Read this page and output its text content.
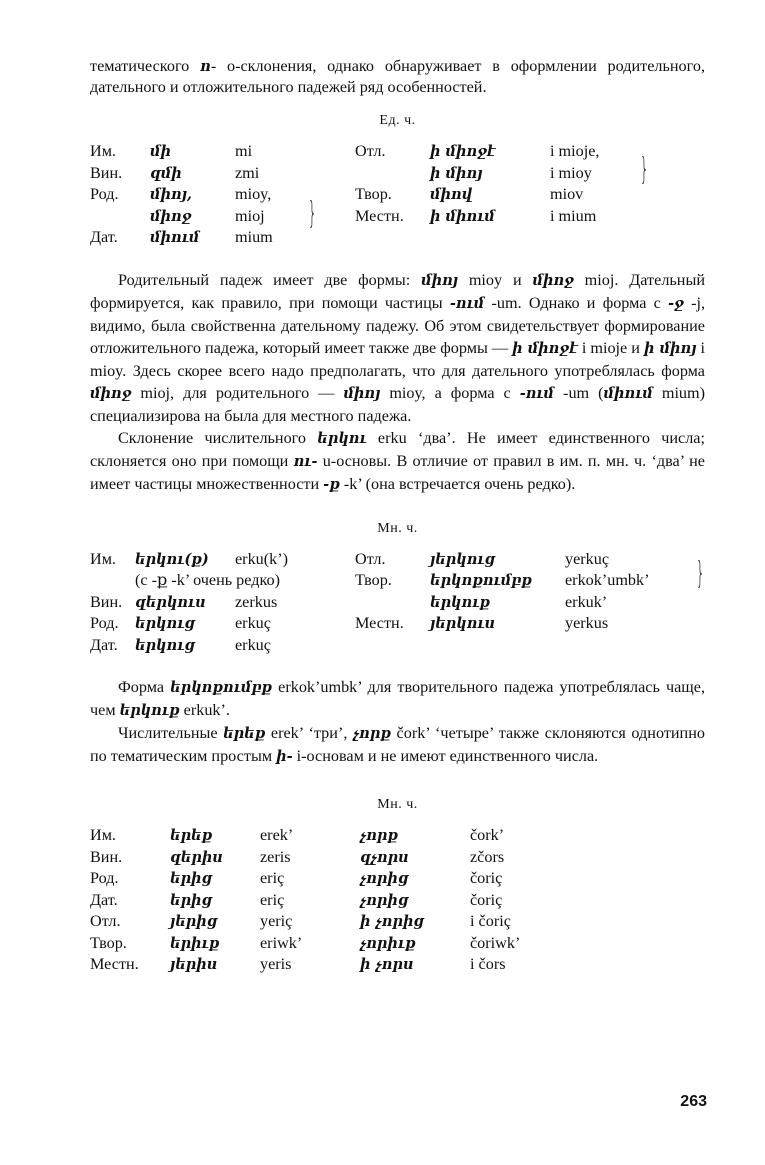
тематического ո- о-склонения, однако обнаруживает в оформлении родительного, дательного и отложительного падежей ряд особенностей.

Ед. ч.
Им.	մի	mi	Отл.	ի միոջէ	i mioje,
Вин.	զմի	zmi		ի միոյ	i mioy
Род.	միոյ,	mioy,	Твор.	միով	miov
	միոջ	mioj	Местн.	ի միում	i mium
Дат.	միում	mium			
}
}

Родительный падеж имеет две формы: միոյ mioy и միոջ mioj. Дательный формируется, как правило, при помощи частицы -ում -um. Однако и форма с -ջ -j, видимо, была свойственна дательному падежу. Об этом свидетельствует формирование отложительного падежа, который имеет также две формы — ի միոջէ i mioje и ի միոյ i mioy. Здесь скорее всего надо предполагать, что для дательного употреблялась форма միոջ mioj, для родительного — միոյ mioy, а форма с -ում -um (միում mium) специализирова на была для местного падежа.

Склонение числительного երկու erku ‘два’. Не имеет единственного числа; склоняется оно при помощи ու- u-основы. В отличие от правил в им. п. мн. ч. ‘два’ не имеет частицы множественности -ք -k’ (она встречается очень редко).

Мн. ч.
Им.	երկու(ք)	erku(k’)	Отл.	յերկուց	yerkuç
	(с -ք -k’ очень редко)		Твор.	երկոքումբք	erkok’umbk’
Вин.	զերկուս	zerkus		երկուք	erkuk’
Род.	երկուց	erkuç	Местн.	յերկուս	yerkus
Дат.	երկուց	erkuç			
}

Форма երկոքումբք erkok’umbk’ для творительного падежа употреблялась чаще, чем երկուք erkuk’.

Числительные երեք erek’ ‘три’, չորք čork’ ‘четыре’ также склоняются однотипно по тематическим простым ի- i-основам и не имеют единственного числа.

Мн. ч.
Им.	երեք	erek’	չորք	čork’
Вин.	զերիս	zeris	զչորս	zčors
Род.	երից	eriç	չորից	čoriç
Дат.	երից	eriç	չորից	čoriç
Отл.	յերից	yeriç	ի չորից	i čoriç
Твор.	երիւք	eriwk’	չորիւք	čoriwk’
Местн.	յերիս	yeris	ի չորս	i čors
263
